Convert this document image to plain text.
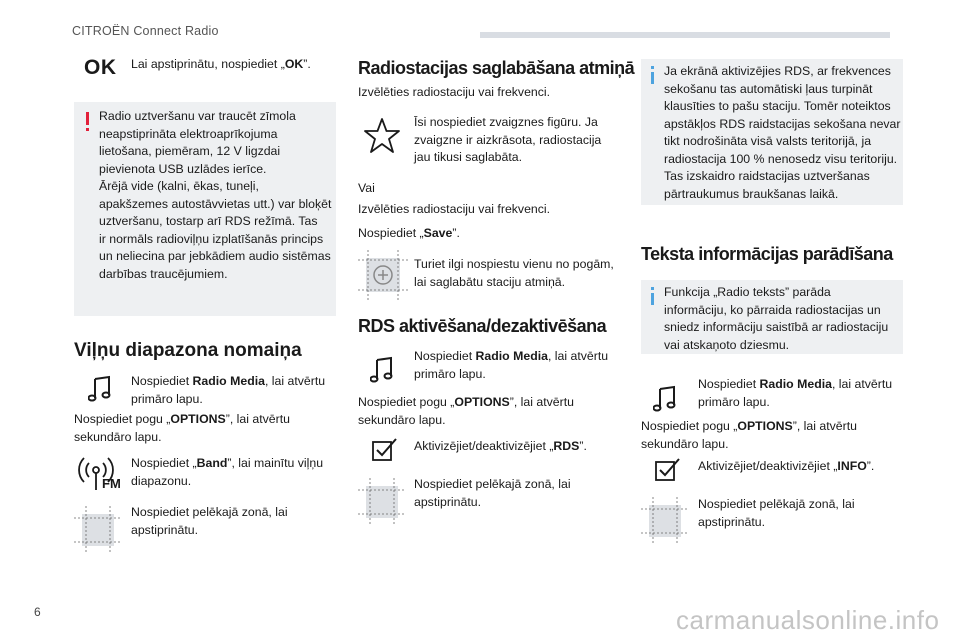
CITROËN Connect Radio
OK Lai apstiprinātu, nospiediet „OK”.
Radio uztveršanu var traucēt zīmola
neapstiprināta elektroaprīkojuma
lietošana, piemēram, 12 V ligzdai
pievienota USB uzlādes ierīce.
Ārējā vide (kalni, ēkas, tuneļi,
apakšzemes autostāvvietas utt.) var bloķēt
uztveršanu, tostarp arī RDS režīmā. Tas
ir normāls radioviļņu izplatīšanās princips
un neliecina par jebkādiem audio sistēmas
darbības traucējumiem.
Viļņu diapazona nomaiņa
Nospiediet Radio Media, lai atvērtu
primāro lapu.
Nospiediet pogu „OPTIONS”, lai atvērtu
sekundāro lapu.
FM
Nospiediet „Band”, lai mainītu viļņu
diapazonu.
Nospiediet pelēkajā zonā, lai
apstiprinātu.
Radiostacijas saglabāšana atmiņā
Izvēlēties radiostaciju vai frekvenci.
Īsi nospiediet zvaigznes figūru. Ja
zvaigzne ir aizkrāsota, radiostacija
jau tikusi saglabāta.
Vai
Izvēlēties radiostaciju vai frekvenci.
Nospiediet „Save”.
Turiet ilgi nospiestu vienu no pogām,
lai saglabātu staciju atmiņā.
RDS aktivēšana/dezaktivēšana
Nospiediet Radio Media, lai atvērtu
primāro lapu.
Nospiediet pogu „OPTIONS”, lai atvērtu
sekundāro lapu.
Aktivizējiet/deaktivizējiet „RDS”.
Nospiediet pelēkajā zonā, lai
apstiprinātu.
Ja ekrānā aktivizējies RDS, ar frekvences
sekošanu tas automātiski ļaus turpināt
klausīties to pašu staciju. Tomēr noteiktos
apstākļos RDS raidstacijas sekošana nevar
tikt nodrošināta visā valsts teritorijā, ja
radiostacija 100 % nenosedz visu teritoriju.
Tas izskaidro raidstacijas uztveršanas
pārtraukumus braukšanas laikā.
Teksta informācijas parādīšana
Funkcija „Radio teksts” parāda
informāciju, ko pārraida radiostacijas un
sniedz informāciju saistībā ar radiostaciju
vai atskaņoto dziesmu.
Nospiediet Radio Media, lai atvērtu
primāro lapu.
Nospiediet pogu „OPTIONS”, lai atvērtu
sekundāro lapu.
Aktivizējiet/deaktivizējiet „INFO”.
Nospiediet pelēkajā zonā, lai
apstiprinātu.
6	carmanualsonline.info
